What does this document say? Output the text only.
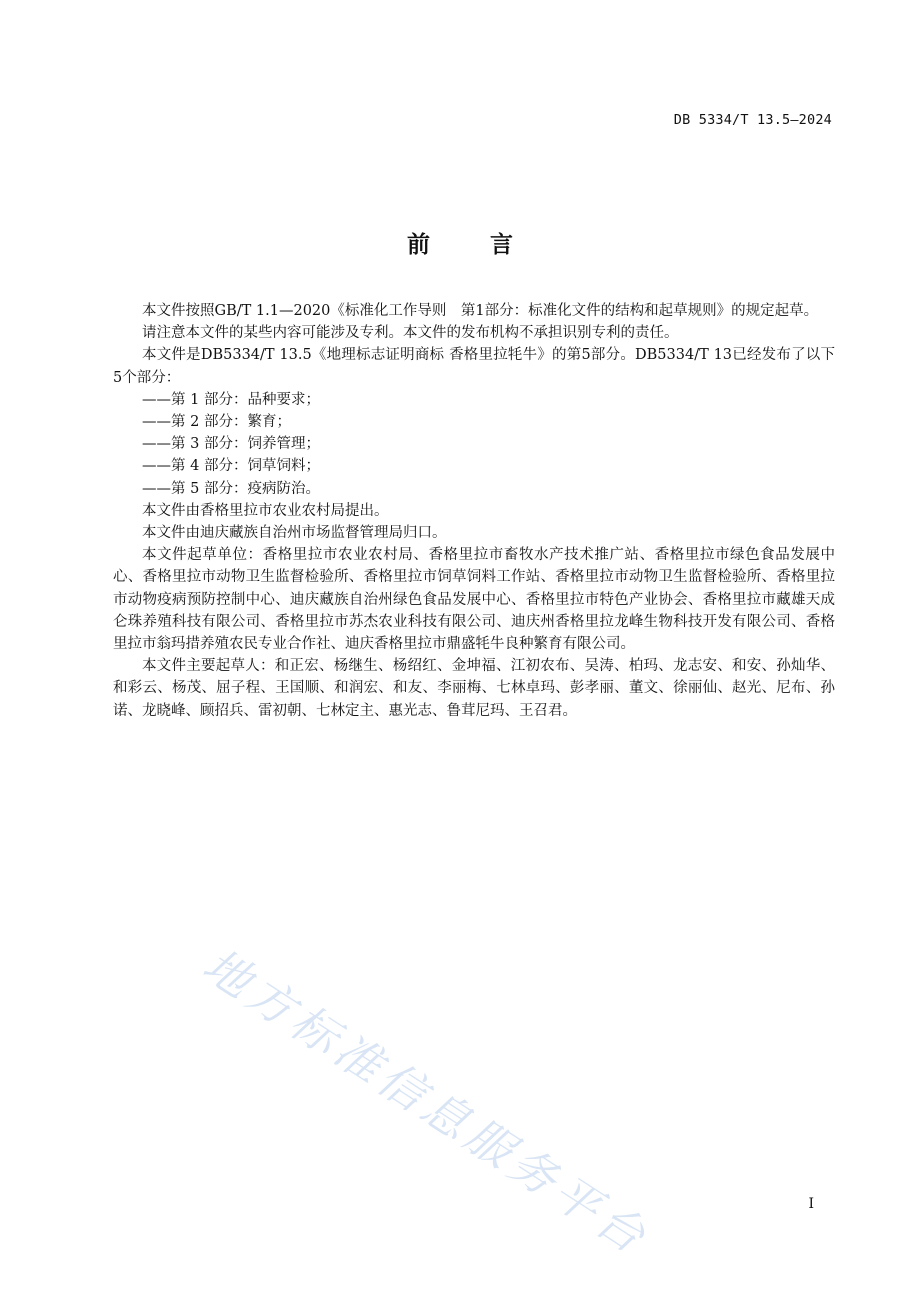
DB 5334/T 13.5—2024
前	言

本文件按照GB/T 1.1—2020《标准化工作导则　第1部分：标准化文件的结构和起草规则》的规定起草。

请注意本文件的某些内容可能涉及专利。本文件的发布机构不承担识别专利的责任。

本文件是DB5334/T 13.5《地理标志证明商标 香格里拉牦牛》的第5部分。DB5334/T 13已经发布了以下5个部分：

——第 1 部分：品种要求；

——第 2 部分：繁育；

——第 3 部分：饲养管理；

——第 4 部分：饲草饲料；

——第 5 部分：疫病防治。

本文件由香格里拉市农业农村局提出。

本文件由迪庆藏族自治州市场监督管理局归口。

本文件起草单位：香格里拉市农业农村局、香格里拉市畜牧水产技术推广站、香格里拉市绿色食品发展中心、香格里拉市动物卫生监督检验所、香格里拉市饲草饲料工作站、香格里拉市动物卫生监督检验所、香格里拉市动物疫病预防控制中心、迪庆藏族自治州绿色食品发展中心、香格里拉市特色产业协会、香格里拉市藏雄天成仑珠养殖科技有限公司、香格里拉市苏杰农业科技有限公司、迪庆州香格里拉龙峰生物科技开发有限公司、香格里拉市翁玛措养殖农民专业合作社、迪庆香格里拉市鼎盛牦牛良种繁育有限公司。

本文件主要起草人：和正宏、杨继生、杨绍红、金坤福、江初农布、吴涛、柏玛、龙志安、和安、孙灿华、和彩云、杨茂、屈子程、王国顺、和润宏、和友、李丽梅、七林卓玛、彭孝丽、董文、徐丽仙、赵光、尼布、孙诺、龙晓峰、顾招兵、雷初朝、七林定主、惠光志、鲁茸尼玛、王召君。

地方标准信息服务平台	I
